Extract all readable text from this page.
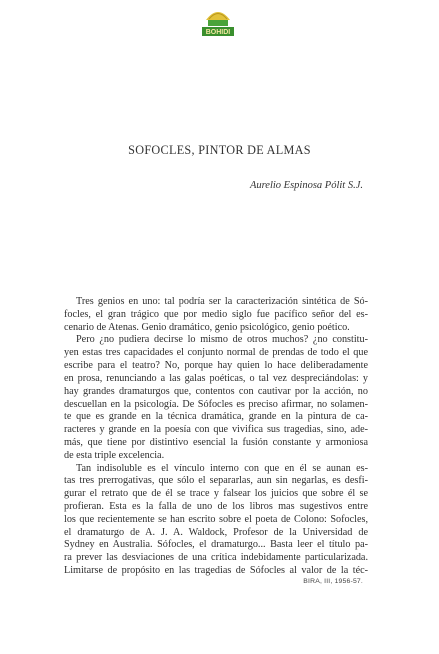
BOHIDI
SOFOCLES, PINTOR DE ALMAS
Aurelio Espinosa Pólit S.J.
Tres genios en uno: tal podría ser la caracterización sintética de Só-
focles, el gran trágico que por medio siglo fue pacífico señor del es-
cenario de Atenas. Genio dramático, genio psicológico, genio poético.
Pero ¿no pudiera decirse lo mismo de otros muchos? ¿no constitu-
yen estas tres capacidades el conjunto normal de prendas de todo el que
escribe para el teatro? No, porque hay quien lo hace deliberadamente
en prosa, renunciando a las galas poéticas, o tal vez despreciándolas: y
hay grandes dramaturgos que, contentos con cautivar por la acción, no
descuellan en la psicología. De Sófocles es preciso afirmar, no solamen-
te que es grande en la técnica dramática, grande en la pintura de ca-
racteres y grande en la poesía con que vivifica sus tragedias, sino, ade-
más, que tiene por distintivo esencial la fusión constante y armoniosa
de esta triple excelencia.
Tan indisoluble es el vínculo interno con que en él se aunan es-
tas tres prerrogativas, que sólo el separarlas, aun sin negarlas, es desfi-
gurar el retrato que de él se trace y falsear los juicios que sobre él se
profieran. Esta es la falla de uno de los libros mas sugestivos entre
los que recientemente se han escrito sobre el poeta de Colono: Sofocles,
el dramaturgo de A. J. A. Waldock, Profesor de la Universidad de
Sydney en Australia. Sófocles, el dramaturgo... Basta leer el título pa-
ra prever las desviaciones de una crítica indebidamente particularizada.
Limitarse de propósito en las tragedias de Sófocles al valor de la téc-
BIRA, III, 1956-57.
